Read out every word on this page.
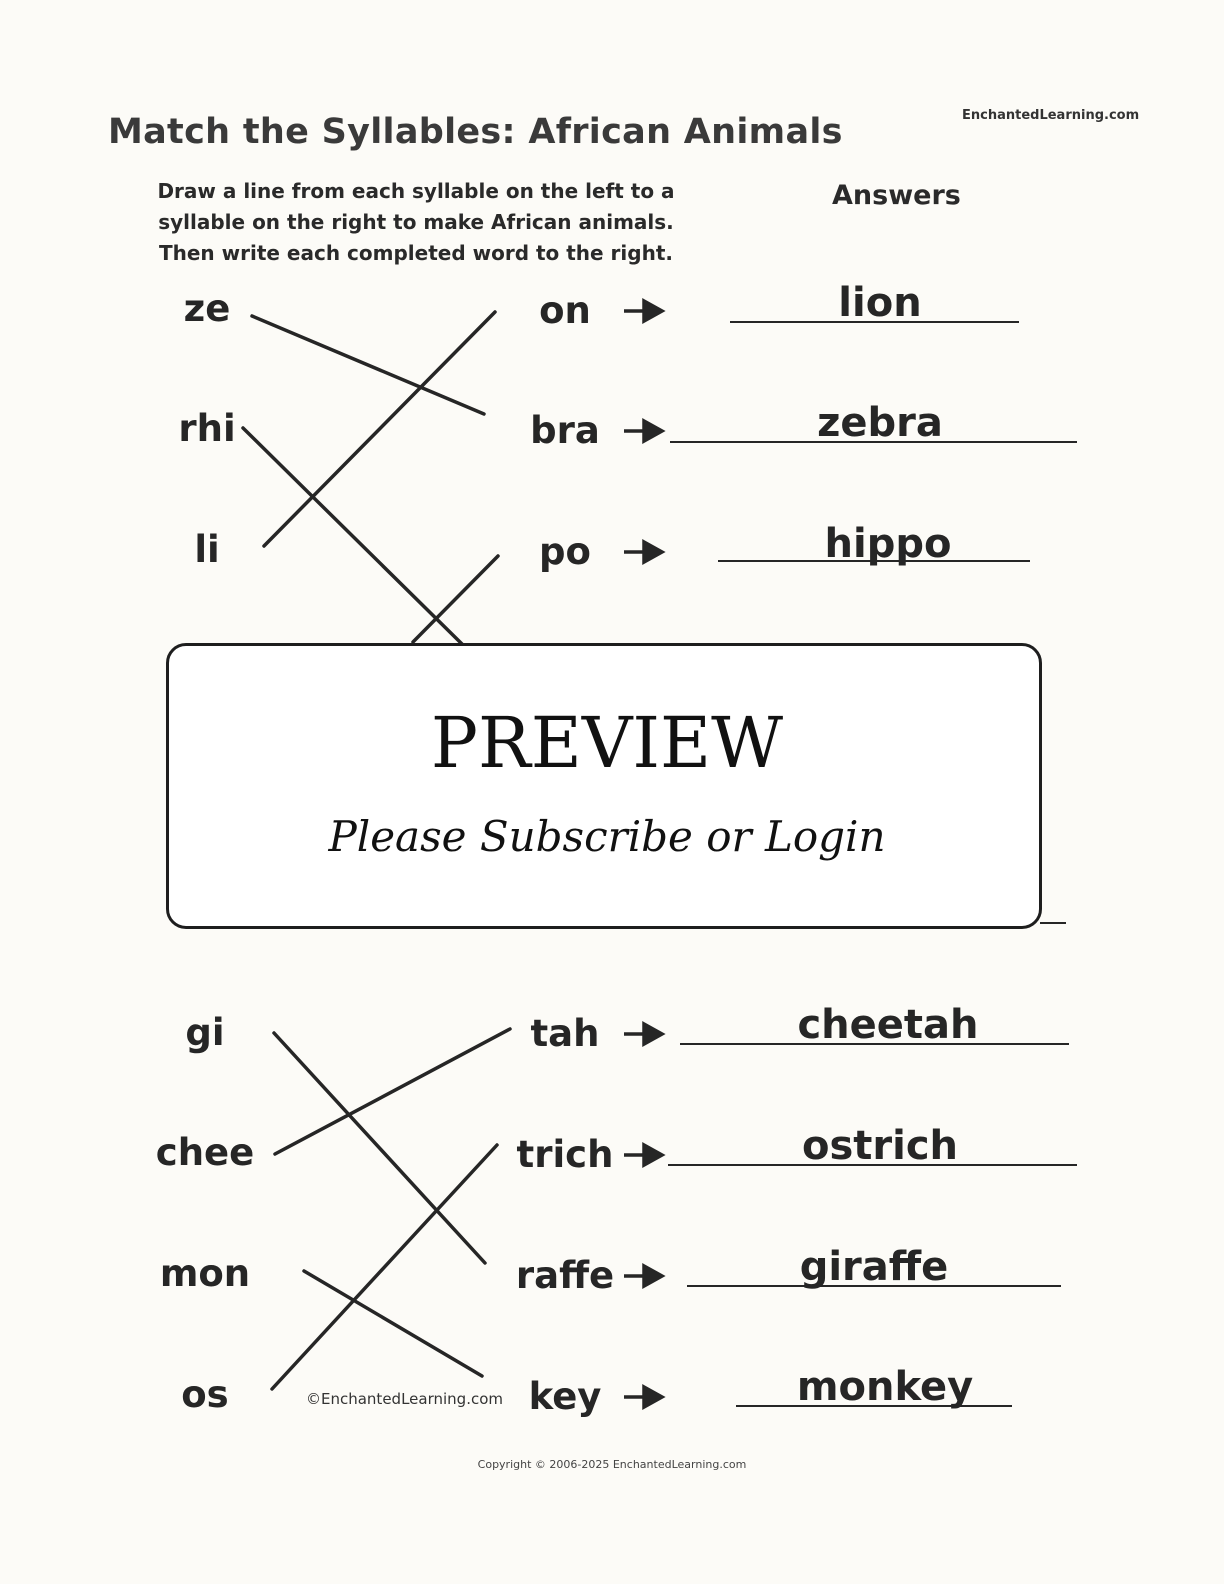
Match the Syllables: African Animals	EnchantedLearning.com
Draw a line from each syllable on the left to a
syllable on the right to make African animals.
Then write each completed word to the right.
Answers
ze
rhi
li
on
bra
po
lion
zebra
hippo
PREVIEW
Please Subscribe or Login
gi
chee
mon
os
tah
trich
raffe
key
cheetah
ostrich
giraffe
monkey
©EnchantedLearning.com
Copyright © 2006-2025 EnchantedLearning.com
